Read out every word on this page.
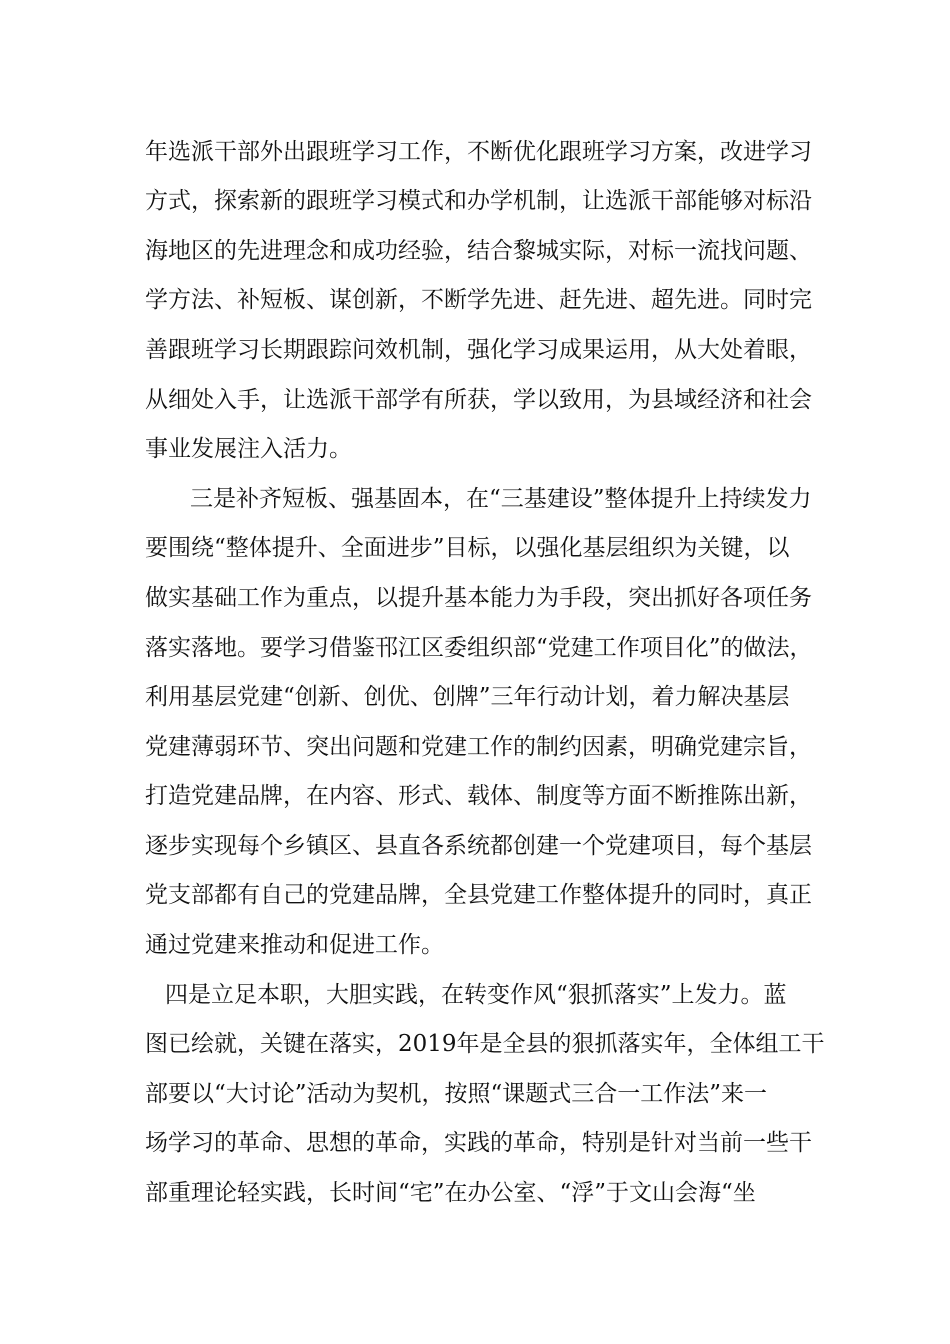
年选派干部外出跟班学习工作，不断优化跟班学习方案，改进学习
方式，探索新的跟班学习模式和办学机制，让选派干部能够对标沿
海地区的先进理念和成功经验，结合黎城实际，对标一流找问题、
学方法、补短板、谋创新，不断学先进、赶先进、超先进。同时完
善跟班学习长期跟踪问效机制，强化学习成果运用，从大处着眼，
从细处入手，让选派干部学有所获，学以致用，为县域经济和社会
事业发展注入活力。
三是补齐短板、强基固本，在“三基建设”整体提升上持续发力
要围绕“整体提升、全面进步”目标，以强化基层组织为关键，以
做实基础工作为重点，以提升基本能力为手段，突出抓好各项任务
落实落地。要学习借鉴邗江区委组织部“党建工作项目化”的做法，
利用基层党建“创新、创优、创牌”三年行动计划，着力解决基层
党建薄弱环节、突出问题和党建工作的制约因素，明确党建宗旨，
打造党建品牌，在内容、形式、载体、制度等方面不断推陈出新，
逐步实现每个乡镇区、县直各系统都创建一个党建项目，每个基层
党支部都有自己的党建品牌，全县党建工作整体提升的同时，真正
通过党建来推动和促进工作。
四是立足本职，大胆实践，在转变作风“狠抓落实”上发力。蓝
图已绘就，关键在落实，2019年是全县的狠抓落实年，全体组工干
部要以“大讨论”活动为契机，按照“课题式三合一工作法”来一
场学习的革命、思想的革命，实践的革命，特别是针对当前一些干
部重理论轻实践，长时间“宅”在办公室、“浮”于文山会海“坐
